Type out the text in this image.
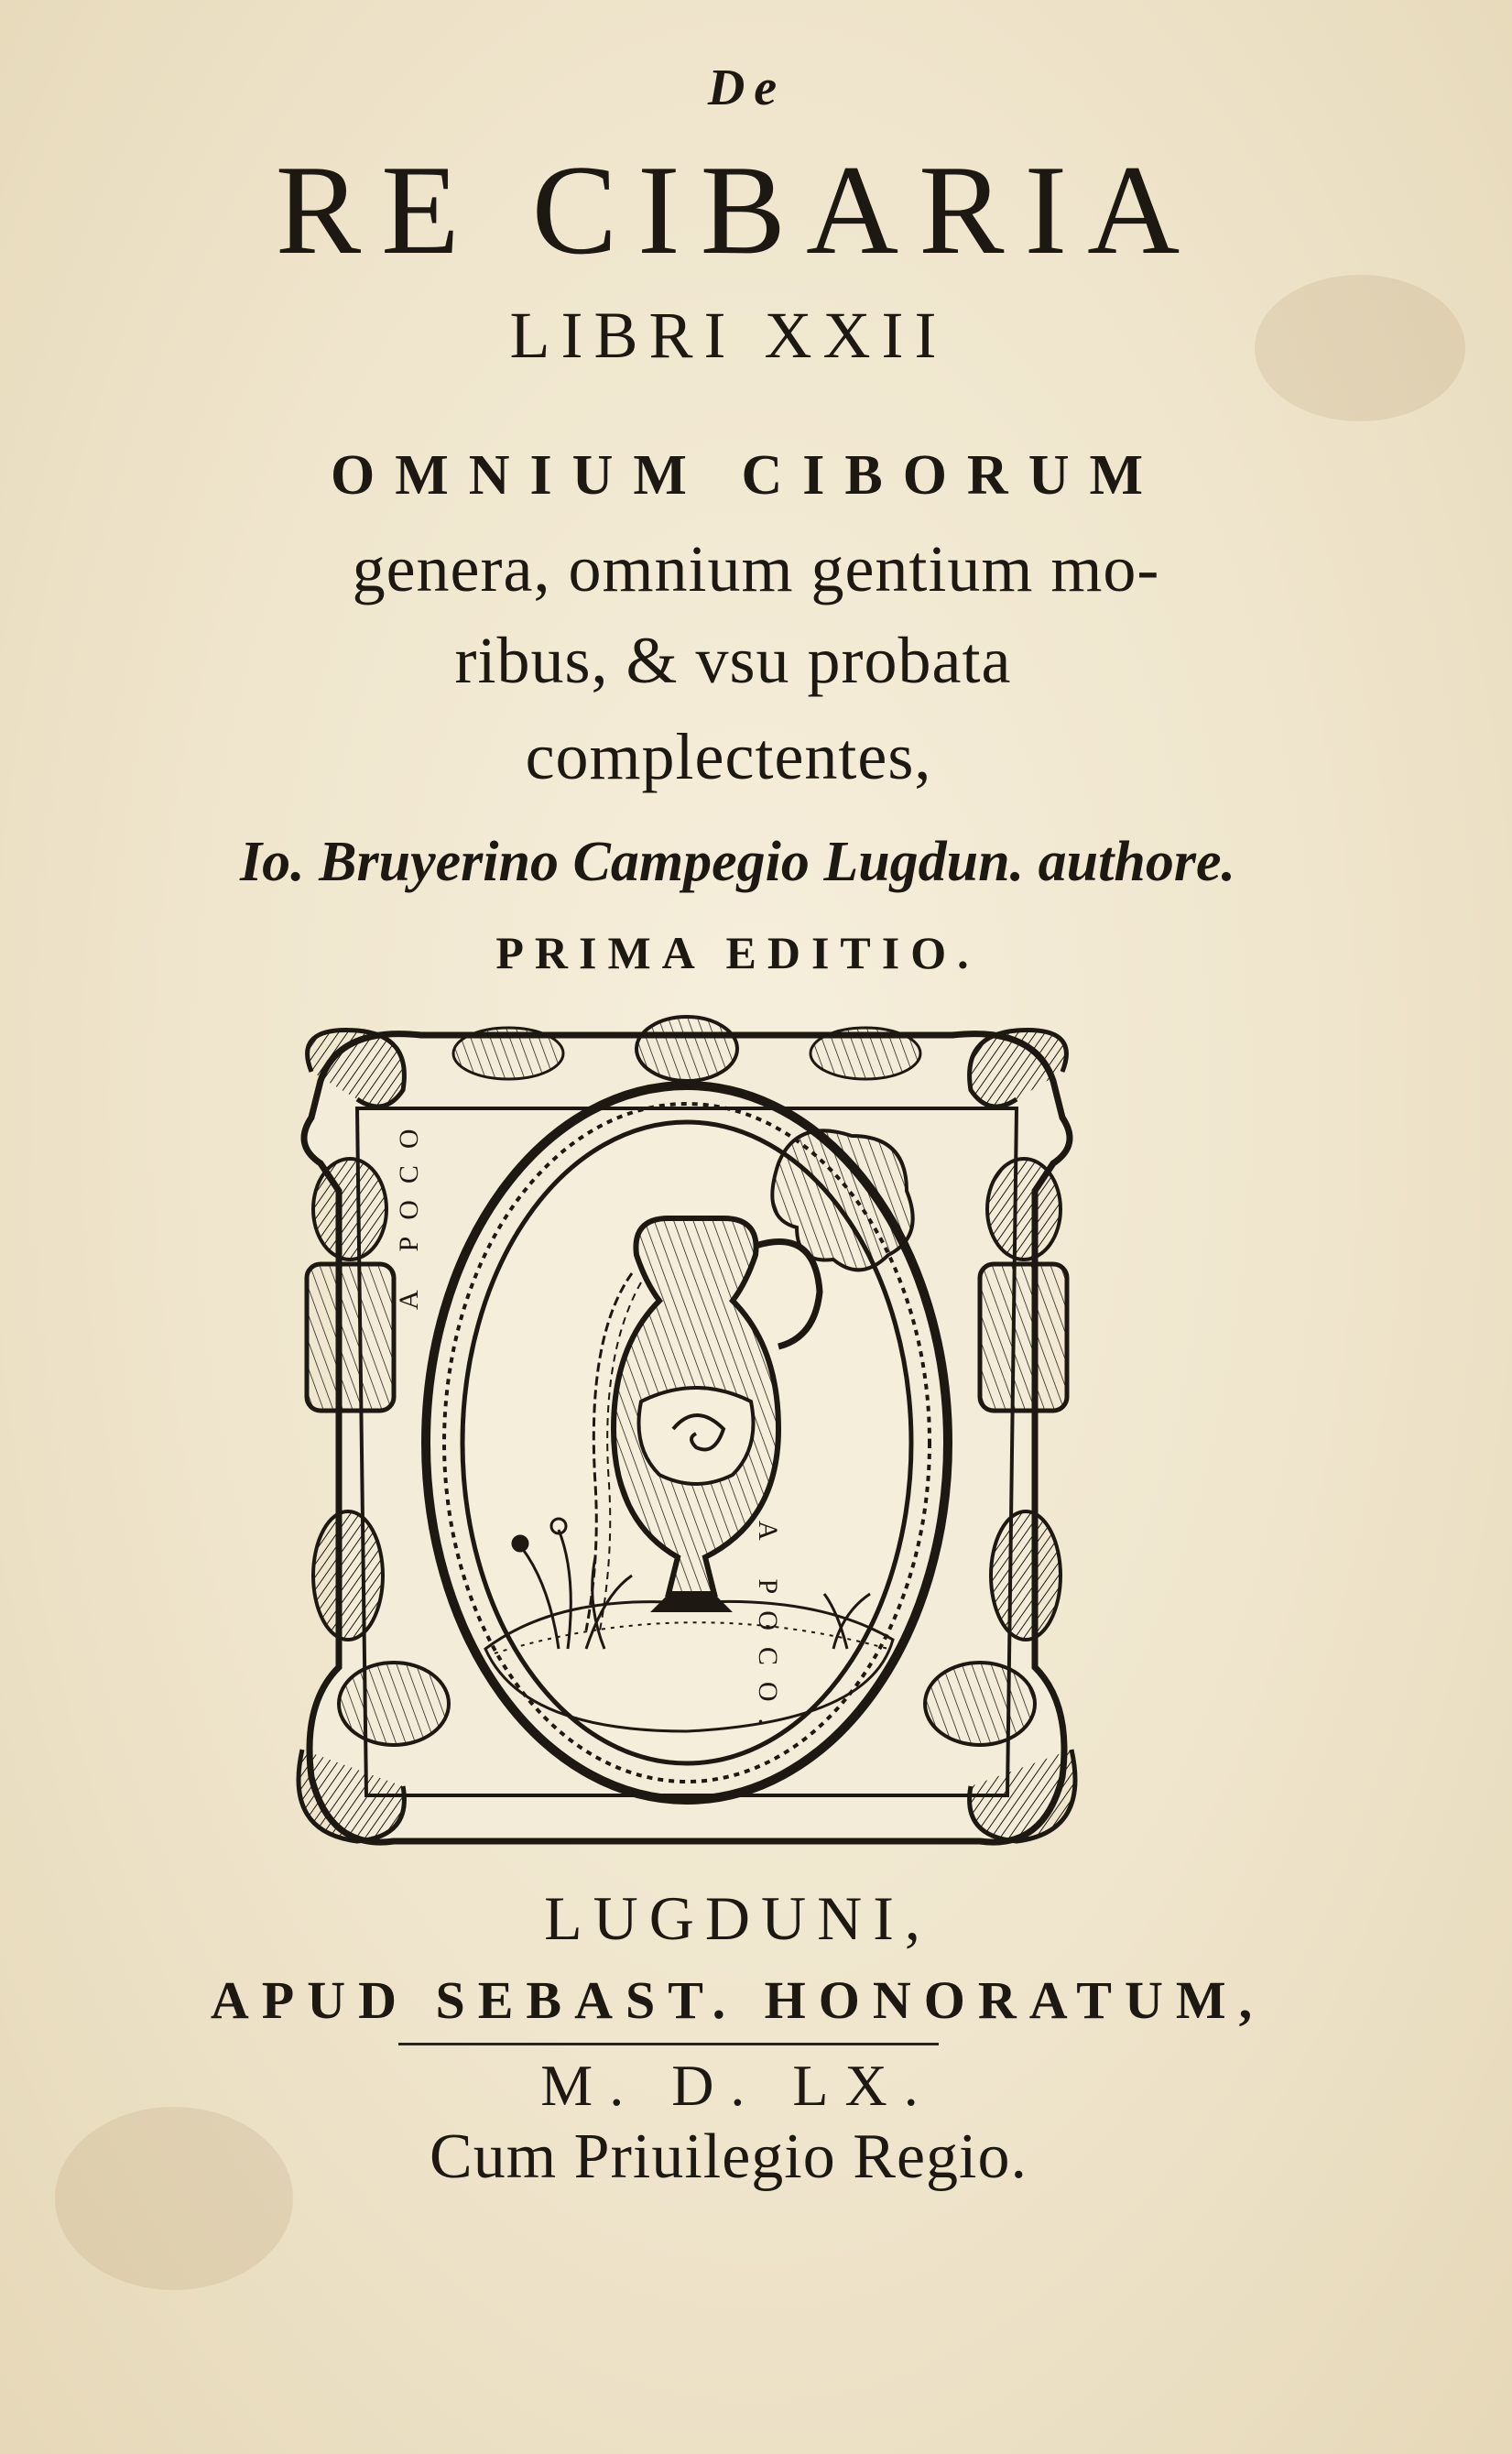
De
RE CIBARIA
LIBRI XXII
OMNIUM CIBORUM
genera, omnium gentium mo-
ribus, & vsu probata
complectentes,
Io. Bruyerino Campegio Lugdun. authore.
PRIMA EDITIO.
A POCO
A POCO.
LUGDUNI,
APUD SEBAST. HONORATUM,
M. D. LX.
Cum Priuilegio Regio.
